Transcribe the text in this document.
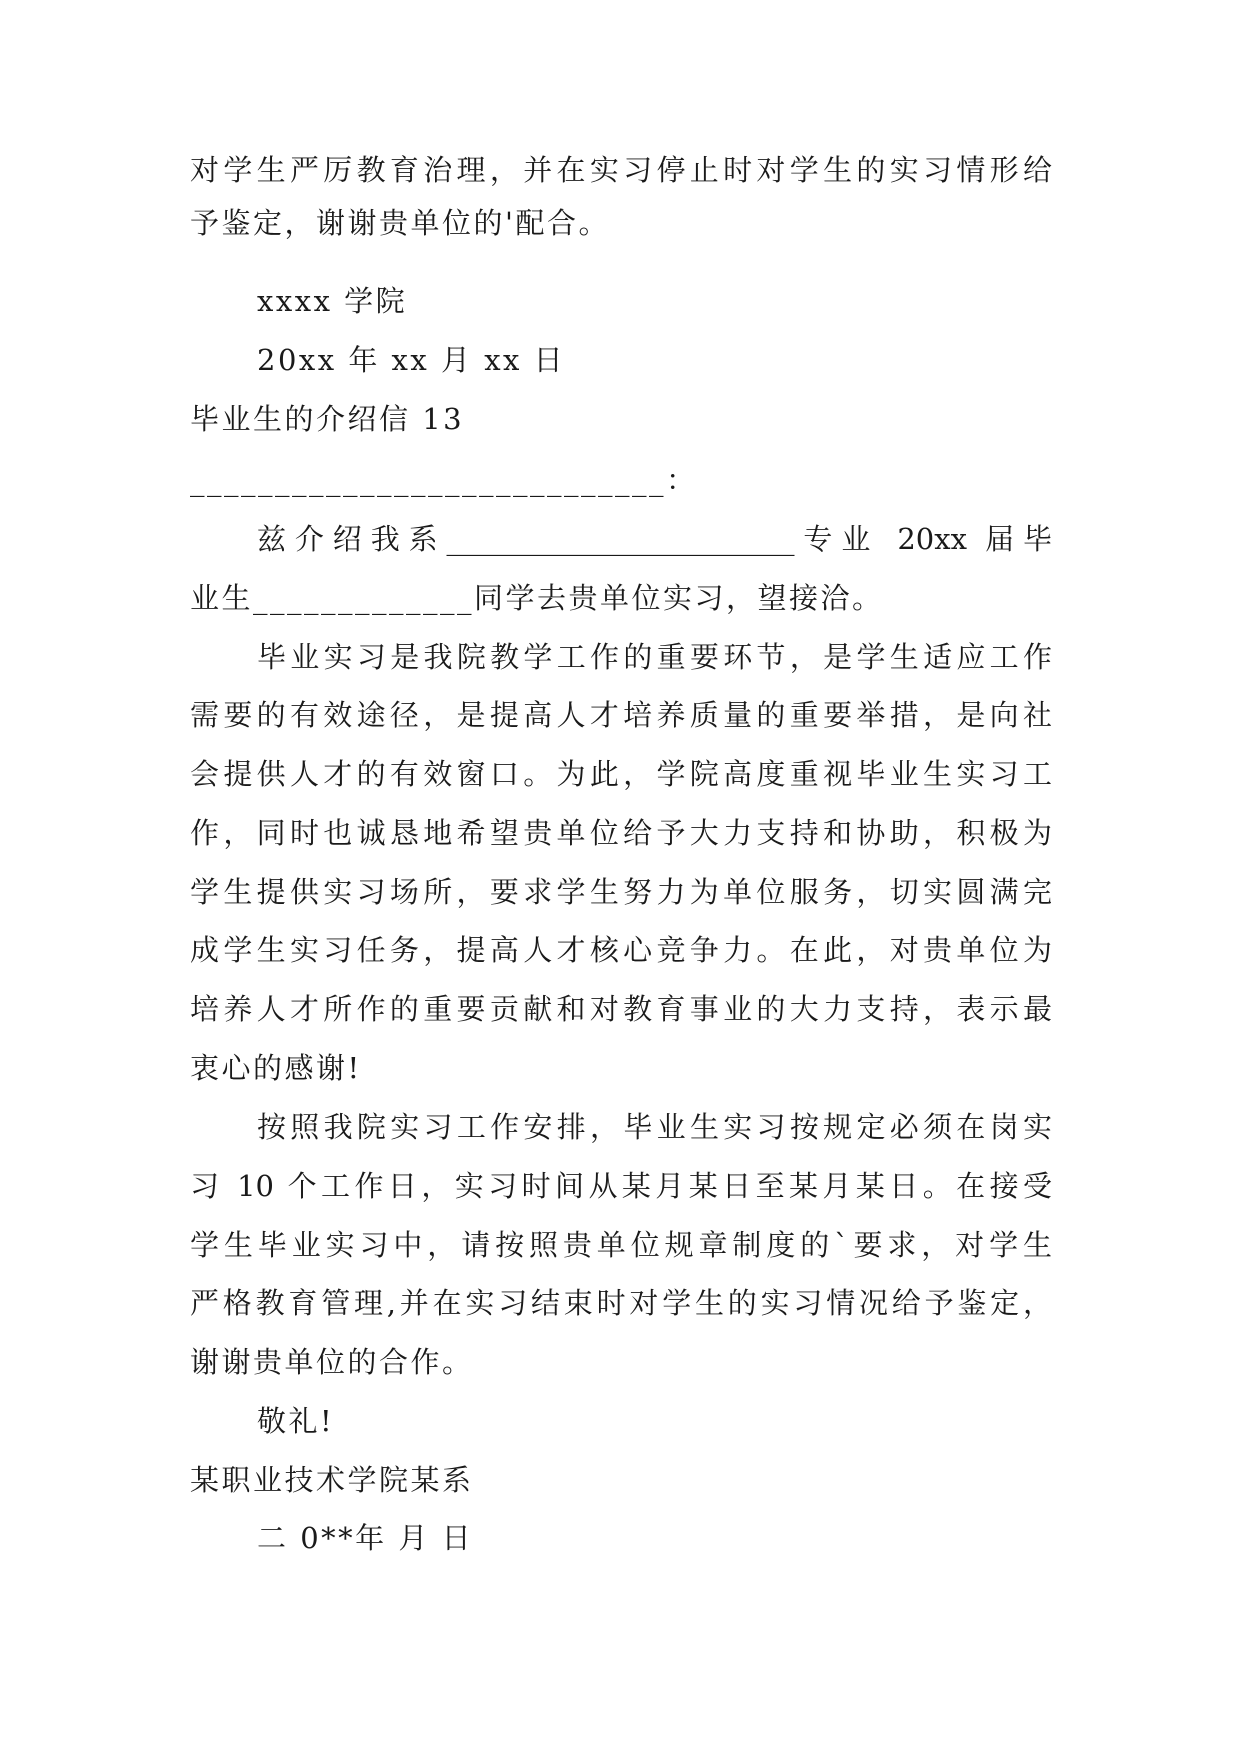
对学生严厉教育治理，并在实习停止时对学生的实习情形给
予鉴定，谢谢贵单位的'配合。
xxxx 学院
20xx 年 xx 月 xx 日
毕业生的介绍信 13
____________________________：
兹介绍我系________________________专业 20xx 届毕
业生_____________同学去贵单位实习，望接洽。
毕业实习是我院教学工作的重要环节，是学生适应工作
需要的有效途径，是提高人才培养质量的重要举措，是向社
会提供人才的有效窗口。为此，学院高度重视毕业生实习工
作，同时也诚恳地希望贵单位给予大力支持和协助，积极为
学生提供实习场所，要求学生努力为单位服务，切实圆满完
成学生实习任务，提高人才核心竞争力。在此，对贵单位为
培养人才所作的重要贡献和对教育事业的大力支持，表示最
衷心的感谢!
按照我院实习工作安排，毕业生实习按规定必须在岗实
习 10 个工作日，实习时间从某月某日至某月某日。在接受
学生毕业实习中，请按照贵单位规章制度的`要求，对学生
严格教育管理,并在实习结束时对学生的实习情况给予鉴定，
谢谢贵单位的合作。
敬礼!
某职业技术学院某系
二 0**年 月 日
